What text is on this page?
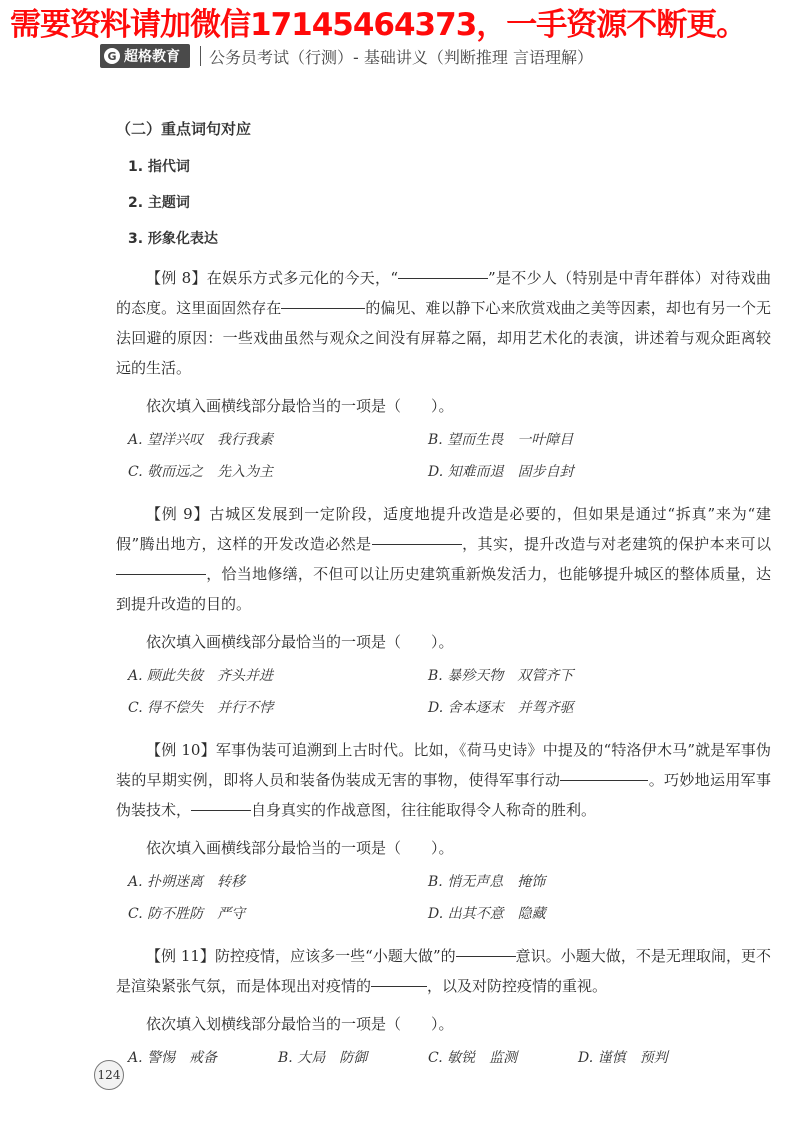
需要资料请加微信17145464373，一手资源不断更。
G 超格教育 公务员考试（行测）- 基础讲义（判断推理 言语理解）
（二）重点词句对应
1. 指代词
2. 主题词
3. 形象化表达
【例 8】在娱乐方式多元化的今天，“	”是不少人（特别是中青年群体）对待戏曲的态度。这里面固然存在	的偏见、难以静下心来欣赏戏曲之美等因素，却也有另一个无法回避的原因：一些戏曲虽然与观众之间没有屏幕之隔，却用艺术化的表演，讲述着与观众距离较远的生活。
依次填入画横线部分最恰当的一项是（　　）。
A. 望洋兴叹　我行我素	B. 望而生畏　一叶障目
C. 敬而远之　先入为主	D. 知难而退　固步自封
【例 9】古城区发展到一定阶段，适度地提升改造是必要的，但如果是通过“拆真”来为“建假”腾出地方，这样的开发改造必然是	，其实，提升改造与对老建筑的保护本来可以，恰当地修缮，不但可以让历史建筑重新焕发活力，也能够提升城区的整体质量，达到提升改造的目的。
依次填入画横线部分最恰当的一项是（　　）。
A. 顾此失彼　齐头并进	B. 暴殄天物　双管齐下
C. 得不偿失　并行不悖	D. 舍本逐末　并驾齐驱
【例 10】军事伪装可追溯到上古时代。比如，《荷马史诗》中提及的“特洛伊木马”就是军事伪装的早期实例，即将人员和装备伪装成无害的事物，使得军事行动	。巧妙地运用军事伪装技术，	自身真实的作战意图，往往能取得令人称奇的胜利。
依次填入画横线部分最恰当的一项是（　　）。
A. 扑朔迷离　转移	B. 悄无声息　掩饰
C. 防不胜防　严守	D. 出其不意　隐藏
【例 11】防控疫情，应该多一些“小题大做”的	意识。小题大做，不是无理取闹，更不是渲染紧张气氛，而是体现出对疫情的	，以及对防控疫情的重视。
依次填入划横线部分最恰当的一项是（　　）。
A. 警惕　戒备	B. 大局　防御	C. 敏锐　监测	D. 谨慎　预判
124
